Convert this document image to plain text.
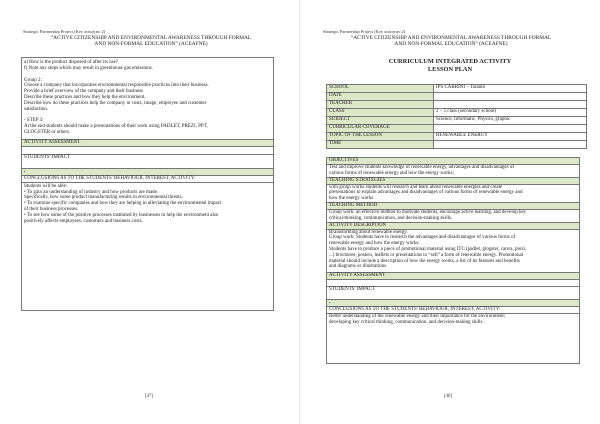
Strategic Partnership Project (Key action no 2)
“ACTIVE CITIZENSHIP AND ENVIRONMENTAL AWARENESS THROUGH FORMAL
AND NON-FORMAL EDUCATION” (ACEAFNE)

a) How is the product disposed of after its use?

f) Note any steps which may result in greenhouse gas emissions.

Group 2:

Choose a company that incorporates environmental responsible practices into their business.

Provide a brief overview of the company and their business

Describe these practices and how they help the environment.

Describe how do these practices help the company in costs, image, employee and customer

satisfaction.

- STEP 3:

At the end students should make a presentations of their work using PADLET, PREZI, PPT,

GLOGSTER or others.

ACTIVITY ASSESSMENT
STUDENTS' IMPACT
•
CONCLUSIONS AS TO THE STUDENTS' BEHAVIOUR, INTEREST, ACTIVITY:

Students will be able:

• To gain an understanding of industry and how products are made.

Specifically, how some product manufacturing results in environmental threats.

• To examine specific companies and how they are helping in alleviating the environmental impact

of their business processes.

• To see how some of the positive processes instituted by businesses to help the environment also

positively affects employees, customers and business costs.

[47]
Strategic Partnership Project (Key action no 2)
“ACTIVE CITIZENSHIP AND ENVIRONMENTAL AWARENESS THROUGH FORMAL
AND NON-FORMAL EDUCATION” (ACEAFNE)
CURRICULUM INTEGRATED ACTIVITY
LESSON PLAN
SCHOOL	IPS CABRINI – Taranto
DATE	
TEACHER	
CLASS	2 – 5 class (secondary school)
SUBJECT	Science, Informatic, Physics, graphic
CURRICULAR COVERAGE	
TOPIC OF THE LESSON	RENEWABLE ENERGY
TIME	
OBJECTIVES

Test and improve students knowledge of renewable energy, advantages and disadvantages of

various forms of renewable energy and how the energy works;

TEACHING STRATEGIES

with group works students will research and learn about renewable energies and create

presentations to explain advantages and disadvantages of various forms of renewable energy and

how the energy works

TEACHING METHOD

Group work: an effective method to motivate students, encourage active learning, and develop key

critical-thinking, communication, and decision-making skills.

ACTIVITY DESCRIPTION

Brainstorming about renewable energy.

Group work: Students have to research the advantages and disadvantages of various forms of

renewable energy and how the energy works;

Students have to produce a piece of promotional material using ITC (padlet, glogster, canva, prezi,

...) brochures, posters, leaflets or presentations to “sell” a form of renewable energy. Promotional

material should include a description of how the energy works, a list of its features and benefits

and diagrams or illustrations

ACTIVITY ASSESSMENT
STUDENTS' IMPACT
•
CONCLUSIONS AS TO THE STUDENTS' BEHAVIOUR, INTEREST, ACTIVITY:

Better understanding of the renewable energy and their importance for the environment;

developing key critical thinking, communication, and decision-making skills.

[48]
